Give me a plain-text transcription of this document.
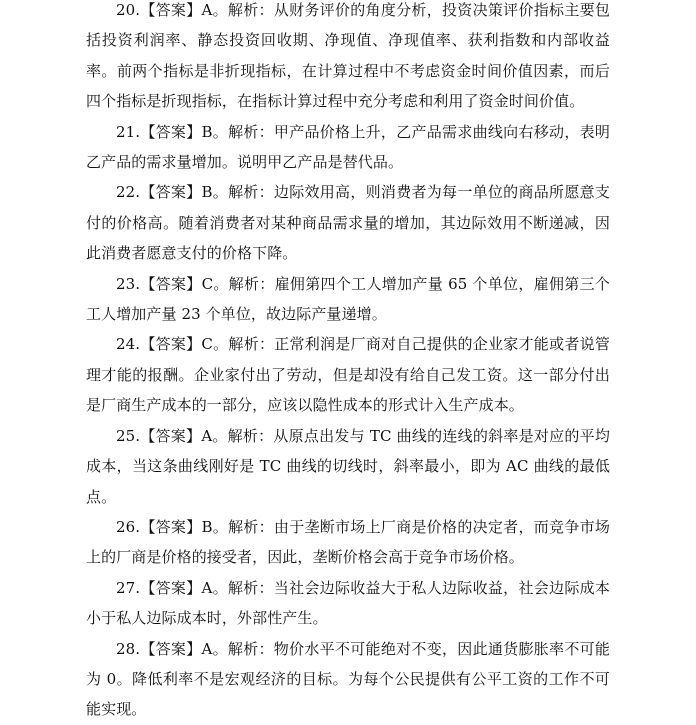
20.【答案】A。解析：从财务评价的角度分析，投资决策评价指标主要包括投资利润率、静态投资回收期、净现值、净现值率、获利指数和内部收益率。前两个指标是非折现指标，在计算过程中不考虑资金时间价值因素，而后四个指标是折现指标，在指标计算过程中充分考虑和利用了资金时间价值。

21.【答案】B。解析：甲产品价格上升，乙产品需求曲线向右移动，表明乙产品的需求量增加。说明甲乙产品是替代品。

22.【答案】B。解析：边际效用高，则消费者为每一单位的商品所愿意支付的价格高。随着消费者对某种商品需求量的增加，其边际效用不断递减，因此消费者愿意支付的价格下降。

23.【答案】C。解析：雇佣第四个工人增加产量 65 个单位，雇佣第三个工人增加产量 23 个单位，故边际产量递增。

24.【答案】C。解析：正常利润是厂商对自己提供的企业家才能或者说管理才能的报酬。企业家付出了劳动，但是却没有给自己发工资。这一部分付出是厂商生产成本的一部分，应该以隐性成本的形式计入生产成本。

25.【答案】A。解析：从原点出发与 TC 曲线的连线的斜率是对应的平均成本，当这条曲线刚好是 TC 曲线的切线时，斜率最小，即为 AC 曲线的最低点。

26.【答案】B。解析：由于垄断市场上厂商是价格的决定者，而竞争市场上的厂商是价格的接受者，因此，垄断价格会高于竞争市场价格。

27.【答案】A。解析：当社会边际收益大于私人边际收益，社会边际成本小于私人边际成本时，外部性产生。

28.【答案】A。解析：物价水平不可能绝对不变，因此通货膨胀率不可能为 0。降低利率不是宏观经济的目标。为每个公民提供有公平工资的工作不可能实现。
